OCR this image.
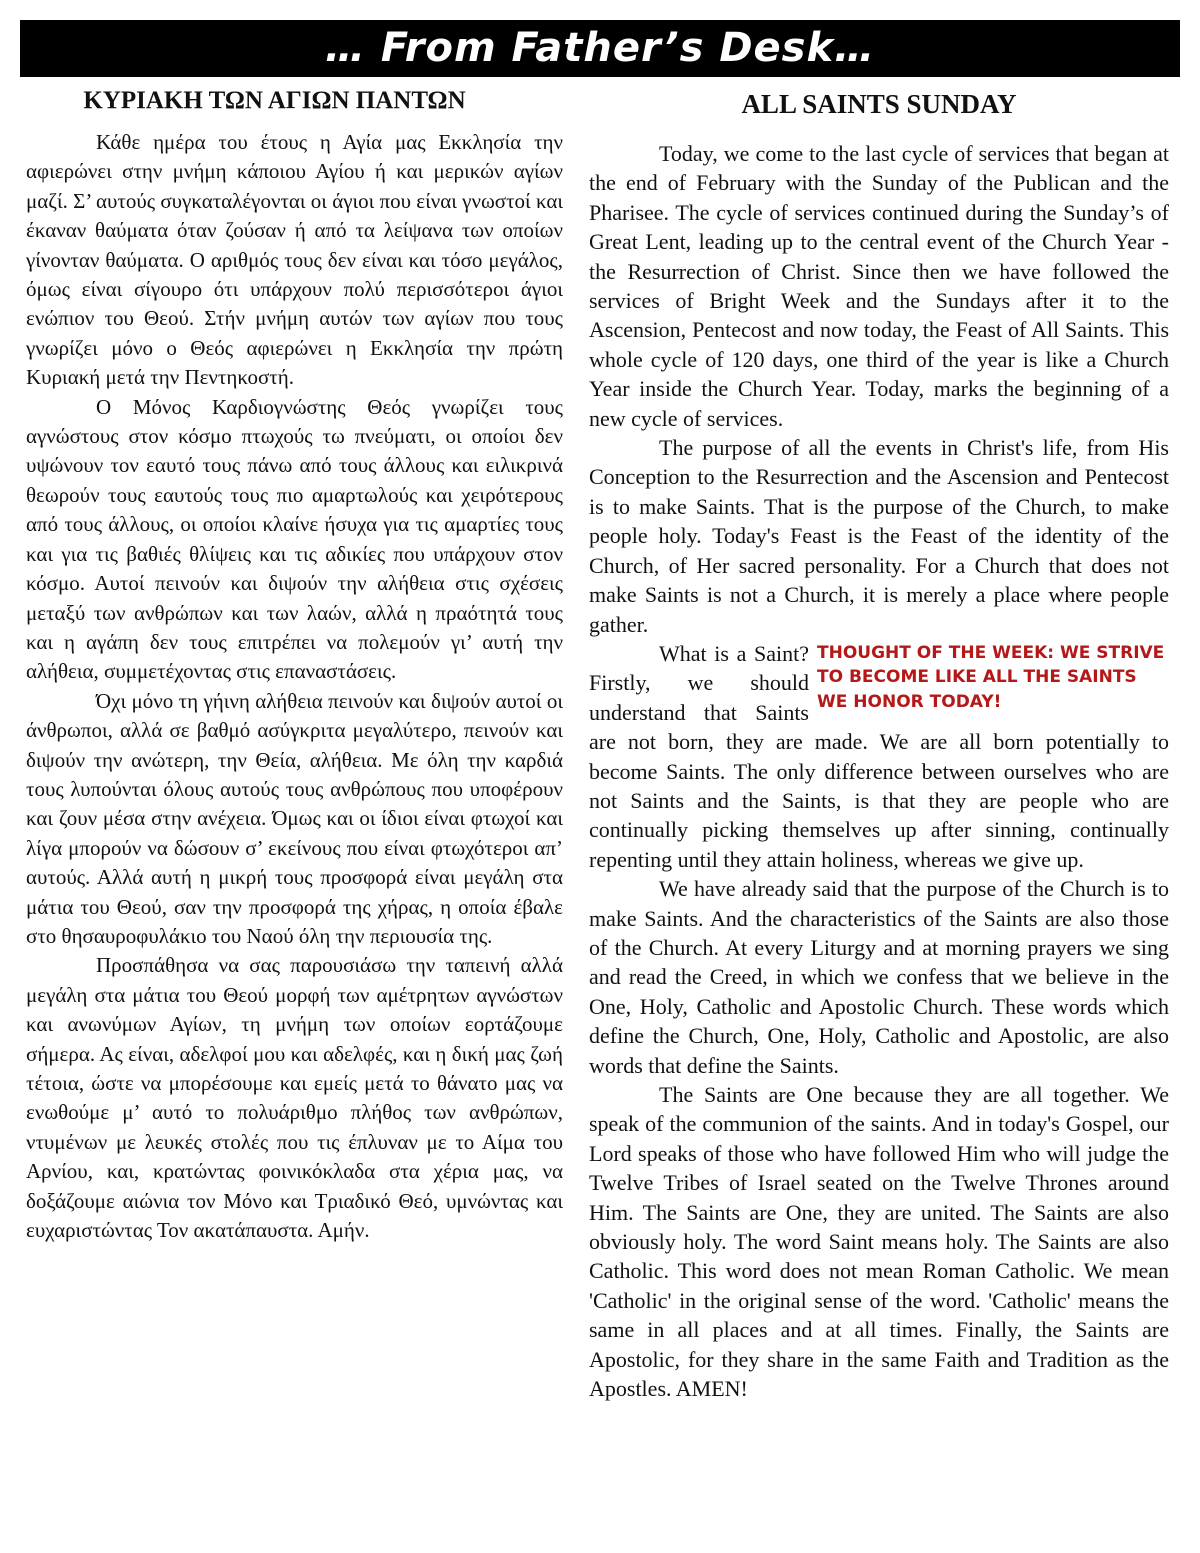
… From Father’s Desk…
ΚΥΡΙΑΚΗ ΤΩΝ ΑΓΙΩΝ ΠΑΝΤΩΝ

Κάθε ημέρα του έτους η Αγία μας Εκκλησία την αφιερώνει στην μνήμη κάποιου Αγίου ή και μερικών αγίων μαζί. Σ’ αυτούς συγκαταλέγονται οι άγιοι που είναι γνωστοί και έκαναν θαύματα όταν ζούσαν ή από τα λείψανα των οποίων γίνονταν θαύματα. Ο αριθμός τους δεν είναι και τόσο μεγάλος, όμως είναι σίγουρο ότι υπάρχουν πολύ περισσότεροι άγιοι ενώπιον του Θεού. Στήν μνήμη αυτών των αγίων που τους γνωρίζει μόνο ο Θεός αφιερώνει η Εκκλησία την πρώτη Κυριακή μετά την Πεντηκοστή.

Ο Μόνος Καρδιογνώστης Θεός γνωρίζει τους αγνώστους στον κόσμο πτωχούς τω πνεύματι, οι οποίοι δεν υψώνουν τον εαυτό τους πάνω από τους άλλους και ειλικρινά θεωρούν τους εαυτούς τους πιο αμαρτωλούς και χειρότερους από τους άλλους, οι οποίοι κλαίνε ήσυχα για τις αμαρτίες τους και για τις βαθιές θλίψεις και τις αδικίες που υπάρχουν στον κόσμο. Αυτοί πεινούν και διψούν την αλήθεια στις σχέσεις μεταξύ των ανθρώπων και των λαών, αλλά η πραότητά τους και η αγάπη δεν τους επιτρέπει να πολεμούν γι’ αυτή την αλήθεια, συμμετέχοντας στις επαναστάσεις.

Όχι μόνο τη γήινη αλήθεια πεινούν και διψούν αυτοί οι άνθρωποι, αλλά σε βαθμό ασύγκριτα μεγαλύτερο, πεινούν και διψούν την ανώτερη, την Θεία, αλήθεια. Με όλη την καρδιά τους λυπούνται όλους αυτούς τους ανθρώπους που υποφέρουν και ζουν μέσα στην ανέχεια. Όμως και οι ίδιοι είναι φτωχοί και λίγα μπορούν να δώσουν σ’ εκείνους που είναι φτωχότεροι απ’ αυτούς. Αλλά αυτή η μικρή τους προσφορά είναι μεγάλη στα μάτια του Θεού, σαν την προσφορά της χήρας, η οποία έβαλε στο θησαυροφυλάκιο του Ναού όλη την περιουσία της.

Προσπάθησα να σας παρουσιάσω την ταπεινή αλλά μεγάλη στα μάτια του Θεού μορφή των αμέτρητων αγνώστων και ανωνύμων Αγίων, τη μνήμη των οποίων εορτάζουμε σήμερα. Ας είναι, αδελφοί μου και αδελφές, και η δική μας ζωή τέτοια, ώστε να μπορέσουμε και εμείς μετά το θάνατο μας να ενωθούμε μ’ αυτό το πολυάριθμο πλήθος των ανθρώπων, ντυμένων με λευκές στολές που τις έπλυναν με το Αίμα του Αρνίου, και, κρατώντας φοινικόκλαδα στα χέρια μας, να δοξάζουμε αιώνια τον Μόνο και Τριαδικό Θεό, υμνώντας και ευχαριστώντας Τον ακατάπαυστα. Αμήν.

ALL SAINTS SUNDAY

Today, we come to the last cycle of services that began at the end of February with the Sunday of the Publican and the Pharisee. The cycle of services continued during the Sunday’s of Great Lent, leading up to the central event of the Church Year - the Resurrection of Christ. Since then we have followed the services of Bright Week and the Sundays after it to the Ascension, Pentecost and now today, the Feast of All Saints. This whole cycle of 120 days, one third of the year is like a Church Year inside the Church Year. Today, marks the beginning of a new cycle of services.

The purpose of all the events in Christ's life, from His Conception to the Resurrection and the Ascension and Pentecost is to make Saints. That is the purpose of the Church, to make people holy. Today's Feast is the Feast of the identity of the Church, of Her sacred personality. For a Church that does not make Saints is not a Church, it is merely a place where people gather.

THOUGHT OF THE WEEK: WE STRIVE TO BECOME LIKE ALL THE SAINTS WE HONOR TODAY!

What is a Saint? Firstly, we should understand that Saints are not born, they are made. We are all born potentially to become Saints. The only difference between ourselves who are not Saints and the Saints, is that they are people who are continually picking themselves up after sinning, continually repenting until they attain holiness, whereas we give up.

We have already said that the purpose of the Church is to make Saints. And the characteristics of the Saints are also those of the Church. At every Liturgy and at morning prayers we sing and read the Creed, in which we confess that we believe in the One, Holy, Catholic and Apostolic Church. These words which define the Church, One, Holy, Catholic and Apostolic, are also words that define the Saints.

The Saints are One because they are all together. We speak of the communion of the saints. And in today's Gospel, our Lord speaks of those who have followed Him who will judge the Twelve Tribes of Israel seated on the Twelve Thrones around Him. The Saints are One, they are united. The Saints are also obviously holy. The word Saint means holy. The Saints are also Catholic. This word does not mean Roman Catholic. We mean 'Catholic' in the original sense of the word. 'Catholic' means the same in all places and at all times. Finally, the Saints are Apostolic, for they share in the same Faith and Tradition as the Apostles. AMEN!
